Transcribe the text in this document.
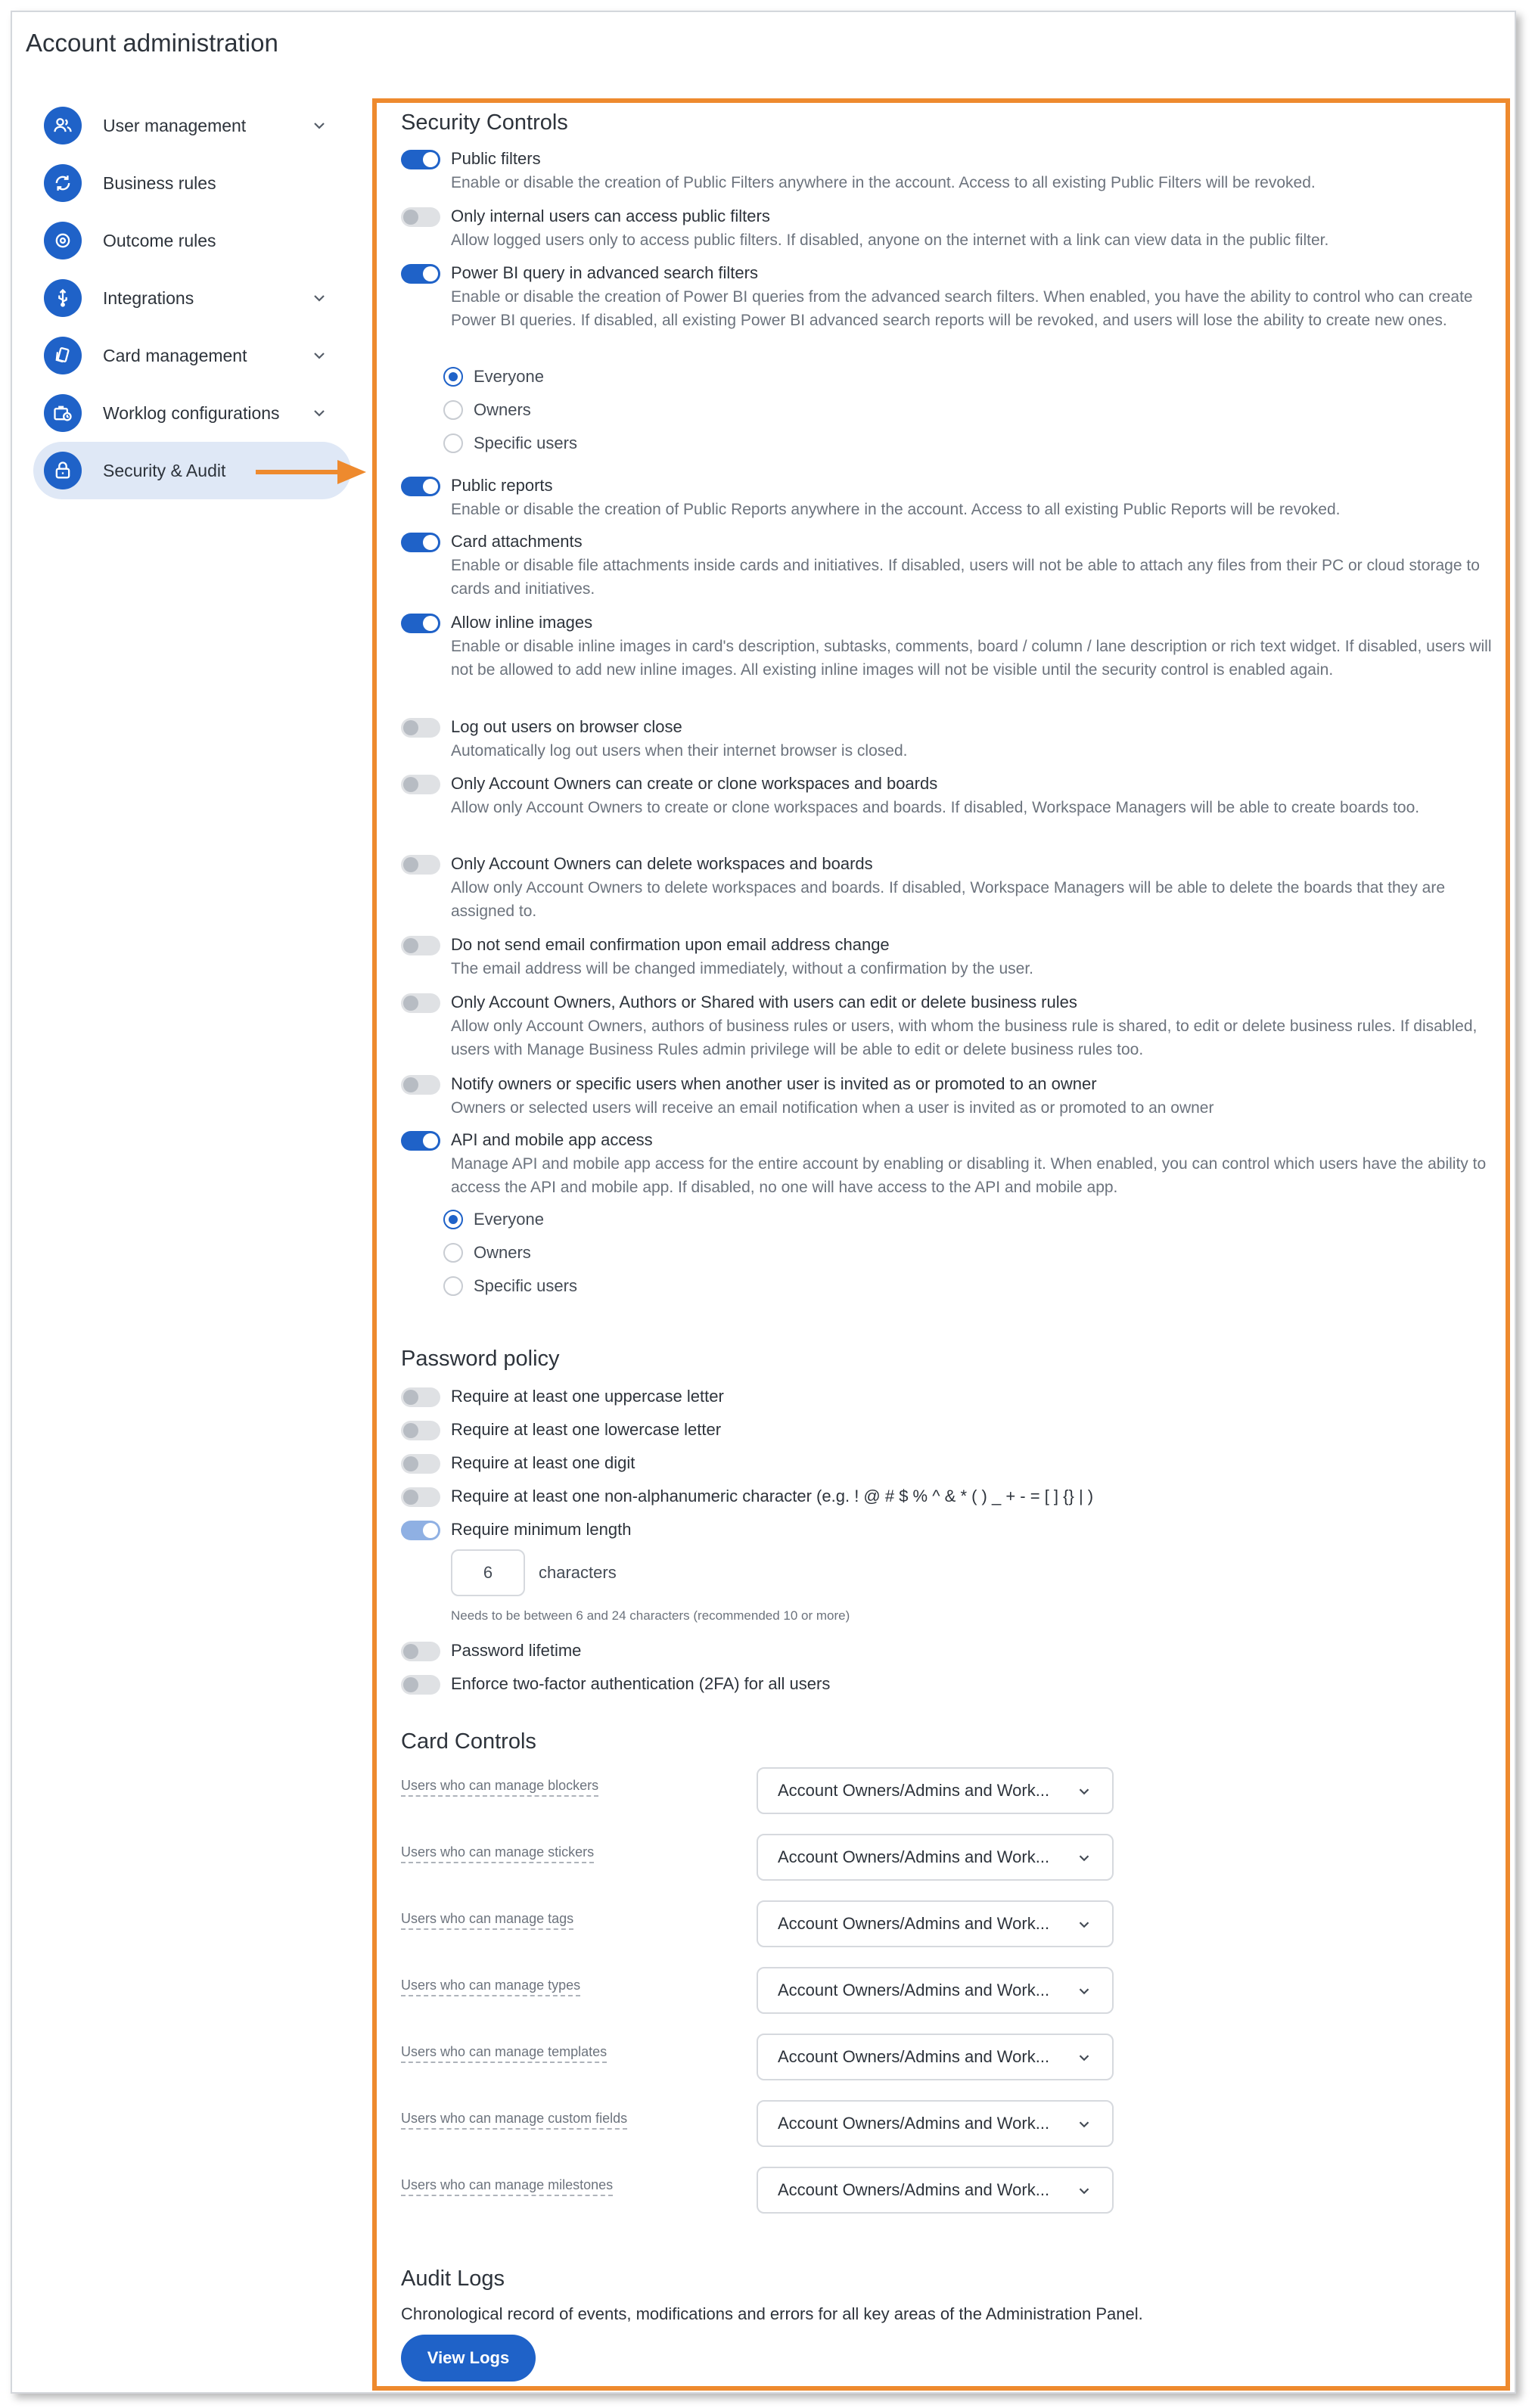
Account administration
User management
Business rules
Outcome rules
Integrations
Card management
Worklog configurations
Security & Audit
Security Controls
Public filters
Enable or disable the creation of Public Filters anywhere in the account. Access to all existing Public Filters will be revoked.
Only internal users can access public filters
Allow logged users only to access public filters. If disabled, anyone on the internet with a link can view data in the public filter.
Power BI query in advanced search filters
Enable or disable the creation of Power BI queries from the advanced search filters. When enabled, you have the ability to control who can create Power BI queries. If disabled, all existing Power BI advanced search reports will be revoked, and users will lose the ability to create new ones.
Everyone
Owners
Specific users
Public reports
Enable or disable the creation of Public Reports anywhere in the account. Access to all existing Public Reports will be revoked.
Card attachments
Enable or disable file attachments inside cards and initiatives. If disabled, users will not be able to attach any files from their PC or cloud storage to cards and initiatives.
Allow inline images
Enable or disable inline images in card's description, subtasks, comments, board / column / lane description or rich text widget. If disabled, users will not be allowed to add new inline images. All existing inline images will not be visible until the security control is enabled again.
Log out users on browser close
Automatically log out users when their internet browser is closed.
Only Account Owners can create or clone workspaces and boards
Allow only Account Owners to create or clone workspaces and boards. If disabled, Workspace Managers will be able to create boards too.
Only Account Owners can delete workspaces and boards
Allow only Account Owners to delete workspaces and boards. If disabled, Workspace Managers will be able to delete the boards that they are assigned to.
Do not send email confirmation upon email address change
The email address will be changed immediately, without a confirmation by the user.
Only Account Owners, Authors or Shared with users can edit or delete business rules
Allow only Account Owners, authors of business rules or users, with whom the business rule is shared, to edit or delete business rules. If disabled, users with Manage Business Rules admin privilege will be able to edit or delete business rules too.
Notify owners or specific users when another user is invited as or promoted to an owner
Owners or selected users will receive an email notification when a user is invited as or promoted to an owner
API and mobile app access
Manage API and mobile app access for the entire account by enabling or disabling it. When enabled, you can control which users have the ability to access the API and mobile app. If disabled, no one will have access to the API and mobile app.
Everyone
Owners
Specific users
Password policy
Require at least one uppercase letter
Require at least one lowercase letter
Require at least one digit
Require at least one non-alphanumeric character (e.g. ! @ # $ % ^ & * ( ) _ + - = [ ] {} | )
Require minimum length
6	characters
Needs to be between 6 and 24 characters (recommended 10 or more)
Password lifetime
Enforce two-factor authentication (2FA) for all users
Card Controls
Users who can manage blockers	Account Owners/Admins and Work...
Users who can manage stickers	Account Owners/Admins and Work...
Users who can manage tags	Account Owners/Admins and Work...
Users who can manage types	Account Owners/Admins and Work...
Users who can manage templates	Account Owners/Admins and Work...
Users who can manage custom fields	Account Owners/Admins and Work...
Users who can manage milestones	Account Owners/Admins and Work...
Audit Logs
Chronological record of events, modifications and errors for all key areas of the Administration Panel.
View Logs
